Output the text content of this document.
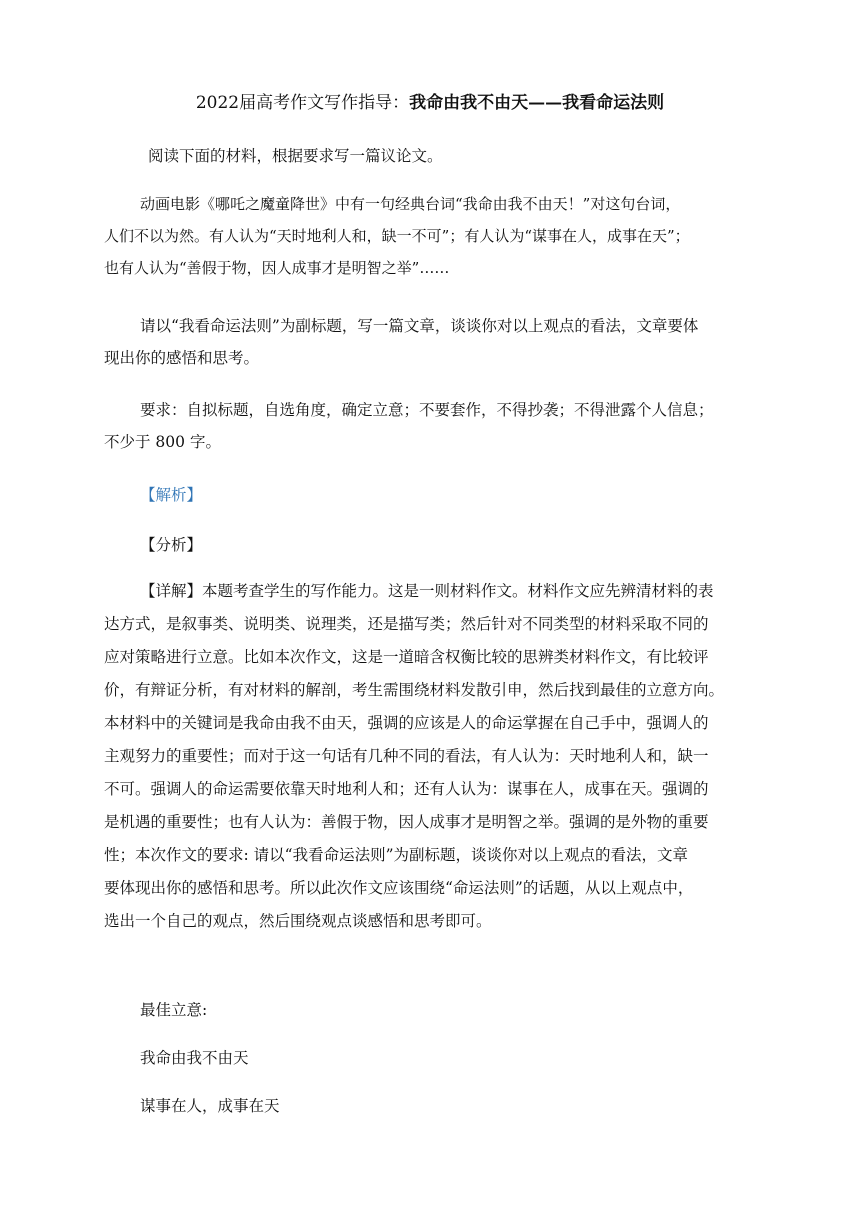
2022届高考作文写作指导：我命由我不由天——我看命运法则
阅读下面的材料，根据要求写一篇议论文。
动画电影《哪吒之魔童降世》中有一句经典台词“我命由我不由天！”对这句台词，
人们不以为然。有人认为“天时地利人和，缺一不可”；有人认为“谋事在人，成事在天”；
也有人认为“善假于物，因人成事才是明智之举”……
请以“我看命运法则”为副标题，写一篇文章，谈谈你对以上观点的看法，文章要体
现出你的感悟和思考。
要求：自拟标题，自选角度，确定立意；不要套作，不得抄袭；不得泄露个人信息；
不少于 800 字。
【解析】
【分析】
【详解】本题考查学生的写作能力。这是一则材料作文。材料作文应先辨清材料的表
达方式，是叙事类、说明类、说理类，还是描写类；然后针对不同类型的材料采取不同的
应对策略进行立意。比如本次作文，这是一道暗含权衡比较的思辨类材料作文，有比较评
价，有辩证分析，有对材料的解剖，考生需围绕材料发散引申，然后找到最佳的立意方向。
本材料中的关键词是我命由我不由天，强调的应该是人的命运掌握在自己手中，强调人的
主观努力的重要性；而对于这一句话有几种不同的看法，有人认为：天时地利人和，缺一
不可。强调人的命运需要依靠天时地利人和；还有人认为：谋事在人，成事在天。强调的
是机遇的重要性；也有人认为：善假于物，因人成事才是明智之举。强调的是外物的重要
性；本次作文的要求: 请以“我看命运法则”为副标题，谈谈你对以上观点的看法，文章
要体现出你的感悟和思考。所以此次作文应该围绕“命运法则”的话题，从以上观点中，
选出一个自己的观点，然后围绕观点谈感悟和思考即可。
最佳立意:
我命由我不由天
谋事在人，成事在天
